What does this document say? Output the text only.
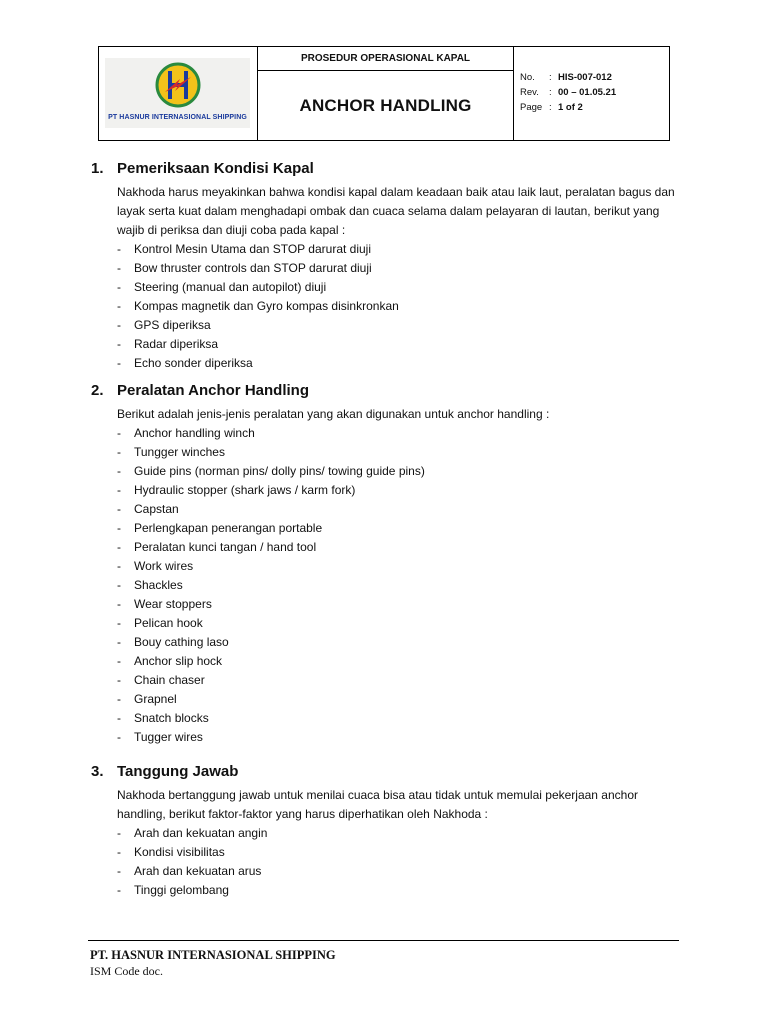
PT HASNUR INTERNASIONAL SHIPPING
PROSEDUR OPERASIONAL KAPAL
ANCHOR HANDLING
No.	: HIS-007-012
Rev.	: 00 – 01.05.21
Page : 1 of 2
1. Pemeriksaan Kondisi Kapal
Nakhoda harus meyakinkan bahwa kondisi kapal dalam keadaan baik atau laik laut, peralatan bagus dan layak serta kuat dalam menghadapi ombak dan cuaca selama dalam pelayaran di lautan, berikut yang wajib di periksa dan diuji coba pada kapal :
-	Kontrol Mesin Utama dan STOP darurat diuji
-	Bow thruster controls dan STOP darurat diuji
-	Steering (manual dan autopilot) diuji
-	Kompas magnetik dan Gyro kompas disinkronkan
-	GPS diperiksa
-	Radar diperiksa
-	Echo sonder diperiksa
2. Peralatan Anchor Handling
Berikut adalah jenis-jenis peralatan yang akan digunakan untuk anchor handling :
-	Anchor handling winch
-	Tungger winches
-	Guide pins (norman pins/ dolly pins/ towing guide pins)
-	Hydraulic stopper (shark jaws / karm fork)
-	Capstan
-	Perlengkapan penerangan portable
-	Peralatan kunci tangan / hand tool
-	Work wires
-	Shackles
-	Wear stoppers
-	Pelican hook
-	Bouy cathing laso
-	Anchor slip hock
-	Chain chaser
-	Grapnel
-	Snatch blocks
-	Tugger wires
3. Tanggung Jawab
Nakhoda bertanggung jawab untuk menilai cuaca bisa atau tidak untuk memulai pekerjaan anchor handling, berikut faktor-faktor yang harus diperhatikan oleh Nakhoda :
-	Arah dan kekuatan angin
-	Kondisi visibilitas
-	Arah dan kekuatan arus
-	Tinggi gelombang
PT. HASNUR INTERNASIONAL SHIPPING
ISM Code doc.
